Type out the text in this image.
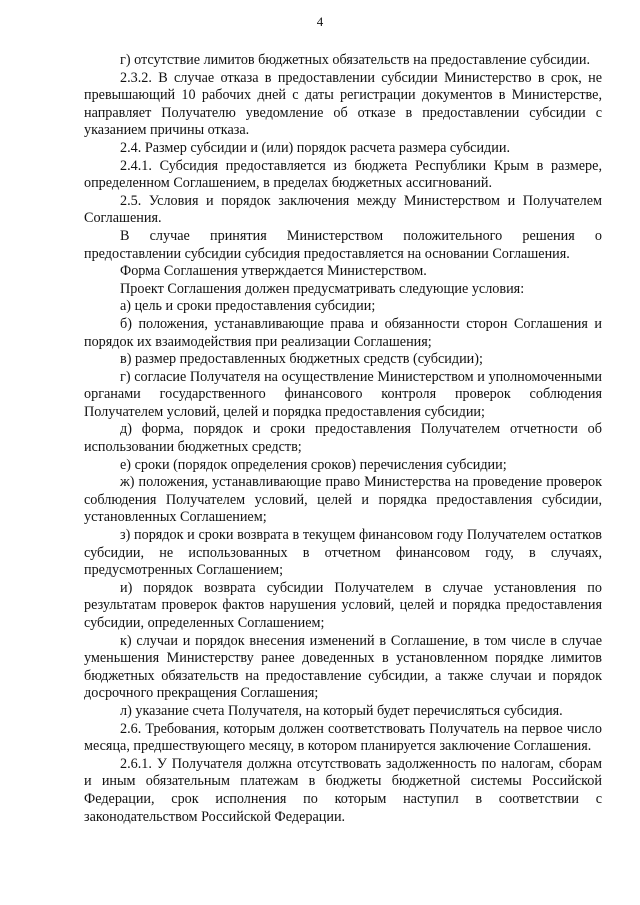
4

г) отсутствие лимитов бюджетных обязательств на предоставление субсидии.

2.3.2. В случае отказа в предоставлении субсидии Министерство в срок, не превышающий 10 рабочих дней с даты регистрации документов в Министерстве, направляет Получателю уведомление об отказе в предоставлении субсидии с указанием причины отказа.

2.4. Размер субсидии и (или) порядок расчета размера субсидии.

2.4.1. Субсидия предоставляется из бюджета Республики Крым в размере, определенном Соглашением, в пределах бюджетных ассигнований.

2.5. Условия и порядок заключения между Министерством и Получателем Соглашения.

В случае принятия Министерством положительного решения о предоставлении субсидии субсидия предоставляется на основании Соглашения.

Форма Соглашения утверждается Министерством.

Проект Соглашения должен предусматривать следующие условия:

а) цель и сроки предоставления субсидии;

б) положения, устанавливающие права и обязанности сторон Соглашения и порядок их взаимодействия при реализации Соглашения;

в) размер предоставленных бюджетных средств (субсидии);

г) согласие Получателя на осуществление Министерством и уполномоченными органами государственного финансового контроля проверок соблюдения Получателем условий, целей и порядка предоставления субсидии;

д) форма, порядок и сроки предоставления Получателем отчетности об использовании бюджетных средств;

е) сроки (порядок определения сроков) перечисления субсидии;

ж) положения, устанавливающие право Министерства на проведение проверок соблюдения Получателем условий, целей и порядка предоставления субсидии, установленных Соглашением;

з) порядок и сроки возврата в текущем финансовом году Получателем остатков субсидии, не использованных в отчетном финансовом году, в случаях, предусмотренных Соглашением;

и) порядок возврата субсидии Получателем в случае установления по результатам проверок фактов нарушения условий, целей и порядка предоставления субсидии, определенных Соглашением;

к) случаи и порядок внесения изменений в Соглашение, в том числе в случае уменьшения Министерству ранее доведенных в установленном порядке лимитов бюджетных обязательств на предоставление субсидии, а также случаи и порядок досрочного прекращения Соглашения;

л) указание счета Получателя, на который будет перечисляться субсидия.

2.6. Требования, которым должен соответствовать Получатель на первое число месяца, предшествующего месяцу, в котором планируется заключение Соглашения.

2.6.1. У Получателя должна отсутствовать задолженность по налогам, сборам и иным обязательным платежам в бюджеты бюджетной системы Российской Федерации, срок исполнения по которым наступил в соответствии с законодательством Российской Федерации.
